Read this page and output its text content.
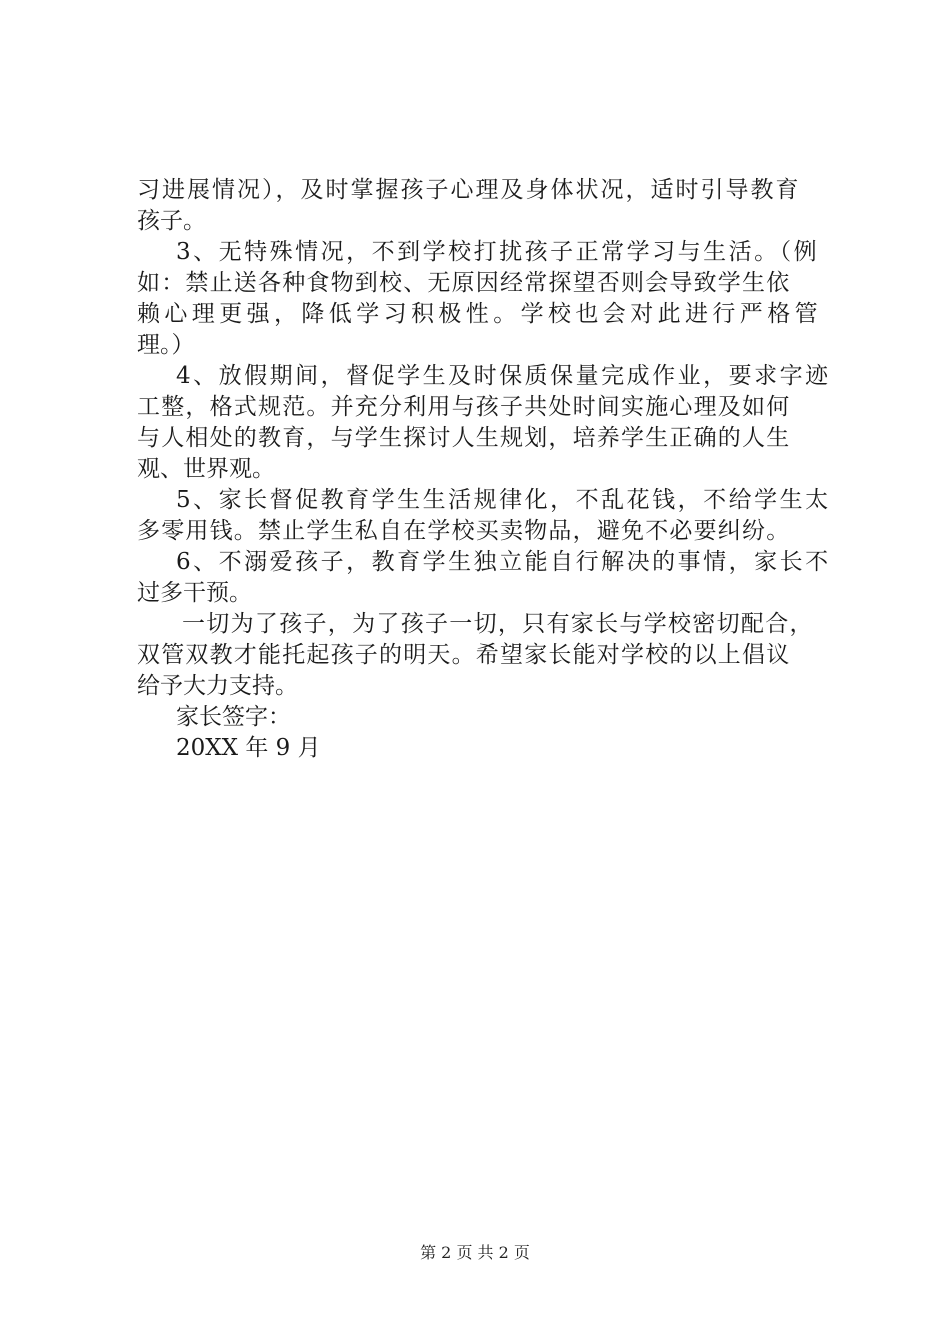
习进展情况），及时掌握孩子心理及身体状况，适时引导教育
孩子。
3、无特殊情况，不到学校打扰孩子正常学习与生活。（例
如：禁止送各种食物到校、无原因经常探望否则会导致学生依
赖心理更强，降低学习积极性。学校也会对此进行严格管
理。）
4、放假期间，督促学生及时保质保量完成作业，要求字迹
工整，格式规范。并充分利用与孩子共处时间实施心理及如何
与人相处的教育，与学生探讨人生规划，培养学生正确的人生
观、世界观。
5、家长督促教育学生生活规律化，不乱花钱，不给学生太
多零用钱。禁止学生私自在学校买卖物品，避免不必要纠纷。
6、不溺爱孩子，教育学生独立能自行解决的事情，家长不
过多干预。
一切为了孩子，为了孩子一切，只有家长与学校密切配合，
双管双教才能托起孩子的明天。希望家长能对学校的以上倡议
给予大力支持。
家长签字：
20XX 年 9 月
第 2 页 共 2 页
